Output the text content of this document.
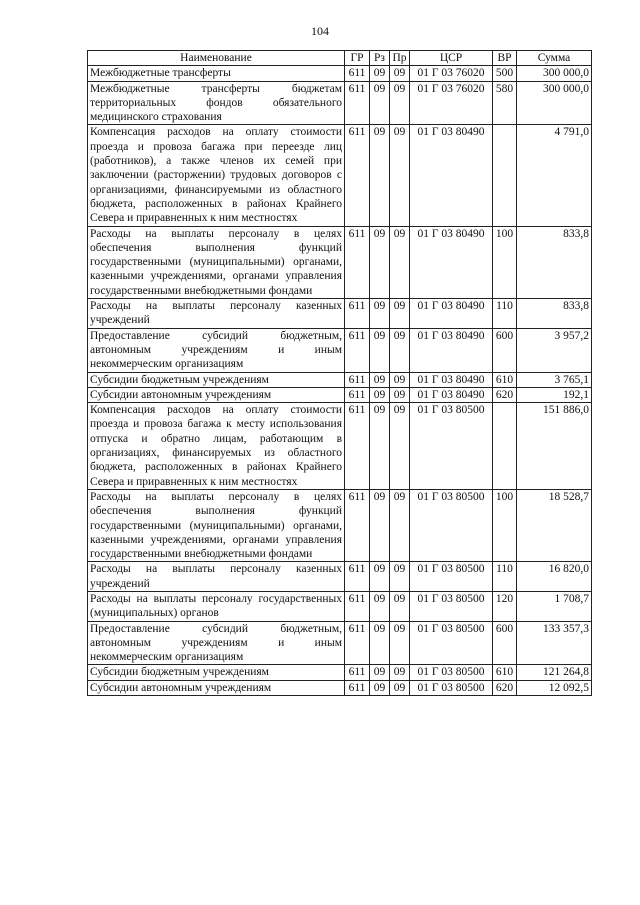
104
Наименование	ГР	Рз	Пр	ЦСР	ВР	Сумма
Межбюджетные трансферты	611	09	09	01 Г 03 76020	500	300 000,0
Межбюджетные трансферты бюджетам территориальных фондов обязательного медицинского страхования	611	09	09	01 Г 03 76020	580	300 000,0
Компенсация расходов на оплату стоимости проезда и провоза багажа при переезде лиц (работников), а также членов их семей при заключении (расторжении) трудовых договоров с организациями, финансируемыми из областного бюджета, расположенных в районах Крайнего Севера и приравненных к ним местностях	611	09	09	01 Г 03 80490		4 791,0
Расходы на выплаты персоналу в целях обеспечения выполнения функций государственными (муниципальными) органами, казенными учреждениями, органами управления государственными внебюджетными фондами	611	09	09	01 Г 03 80490	100	833,8
Расходы на выплаты персоналу казенных учреждений	611	09	09	01 Г 03 80490	110	833,8
Предоставление субсидий бюджетным, автономным учреждениям и иным некоммерческим организациям	611	09	09	01 Г 03 80490	600	3 957,2
Субсидии бюджетным учреждениям	611	09	09	01 Г 03 80490	610	3 765,1
Субсидии автономным учреждениям	611	09	09	01 Г 03 80490	620	192,1
Компенсация расходов на оплату стоимости проезда и провоза багажа к месту использования отпуска и обратно лицам, работающим в организациях, финансируемых из областного бюджета, расположенных в районах Крайнего Севера и приравненных к ним местностях	611	09	09	01 Г 03 80500		151 886,0
Расходы на выплаты персоналу в целях обеспечения выполнения функций государственными (муниципальными) органами, казенными учреждениями, органами управления государственными внебюджетными фондами	611	09	09	01 Г 03 80500	100	18 528,7
Расходы на выплаты персоналу казенных учреждений	611	09	09	01 Г 03 80500	110	16 820,0
Расходы на выплаты персоналу государственных (муниципальных) органов	611	09	09	01 Г 03 80500	120	1 708,7
Предоставление субсидий бюджетным, автономным учреждениям и иным некоммерческим организациям	611	09	09	01 Г 03 80500	600	133 357,3
Субсидии бюджетным учреждениям	611	09	09	01 Г 03 80500	610	121 264,8
Субсидии автономным учреждениям	611	09	09	01 Г 03 80500	620	12 092,5
